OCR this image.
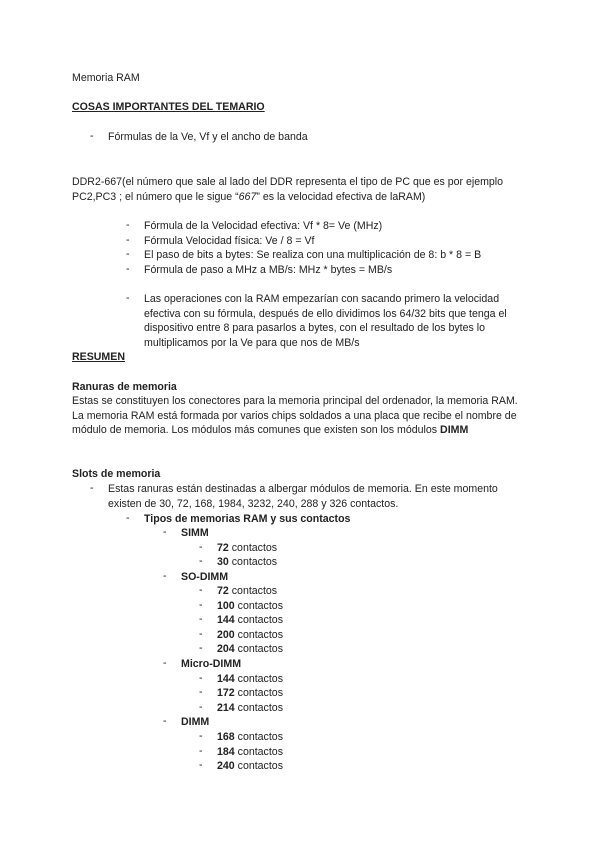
Memoria RAM
COSAS IMPORTANTES DEL TEMARIO
- Fórmulas de la Ve, Vf y el ancho de banda
DDR2-667(el número que sale al lado del DDR representa el tipo de PC que es por ejemplo
PC2,PC3 ; el número que le sigue “667” es la velocidad efectiva de laRAM)
- Fórmula de la Velocidad efectiva: Vf * 8= Ve (MHz)
- Fórmula Velocidad física: Ve / 8 = Vf
- El paso de bits a bytes: Se realiza con una multiplicación de 8: b * 8 = B
- Fórmula de paso a MHz a MB/s: MHz * bytes = MB/s
- Las operaciones con la RAM empezarían con sacando primero la velocidad efectiva con su fórmula, después de ello dividimos los 64/32 bits que tenga el dispositivo entre 8 para pasarlos a bytes, con el resultado de los bytes lo multiplicamos por la Ve para que nos de MB/s
RESUMEN
Ranuras de memoria
Estas se constituyen los conectores para la memoria principal del ordenador, la memoria RAM. La memoria RAM está formada por varios chips soldados a una placa que recibe el nombre de módulo de memoria. Los módulos más comunes que existen son los módulos DIMM
Slots de memoria
- Estas ranuras están destinadas a albergar módulos de memoria. En este momento existen de 30, 72, 168, 1984, 3232, 240, 288 y 326 contactos.
- Tipos de memorias RAM y sus contactos
- SIMM
- 72 contactos
- 30 contactos
- SO-DIMM
- 72 contactos
- 100 contactos
- 144 contactos
- 200 contactos
- 204 contactos
- Micro-DIMM
- 144 contactos
- 172 contactos
- 214 contactos
- DIMM
- 168 contactos
- 184 contactos
- 240 contactos
